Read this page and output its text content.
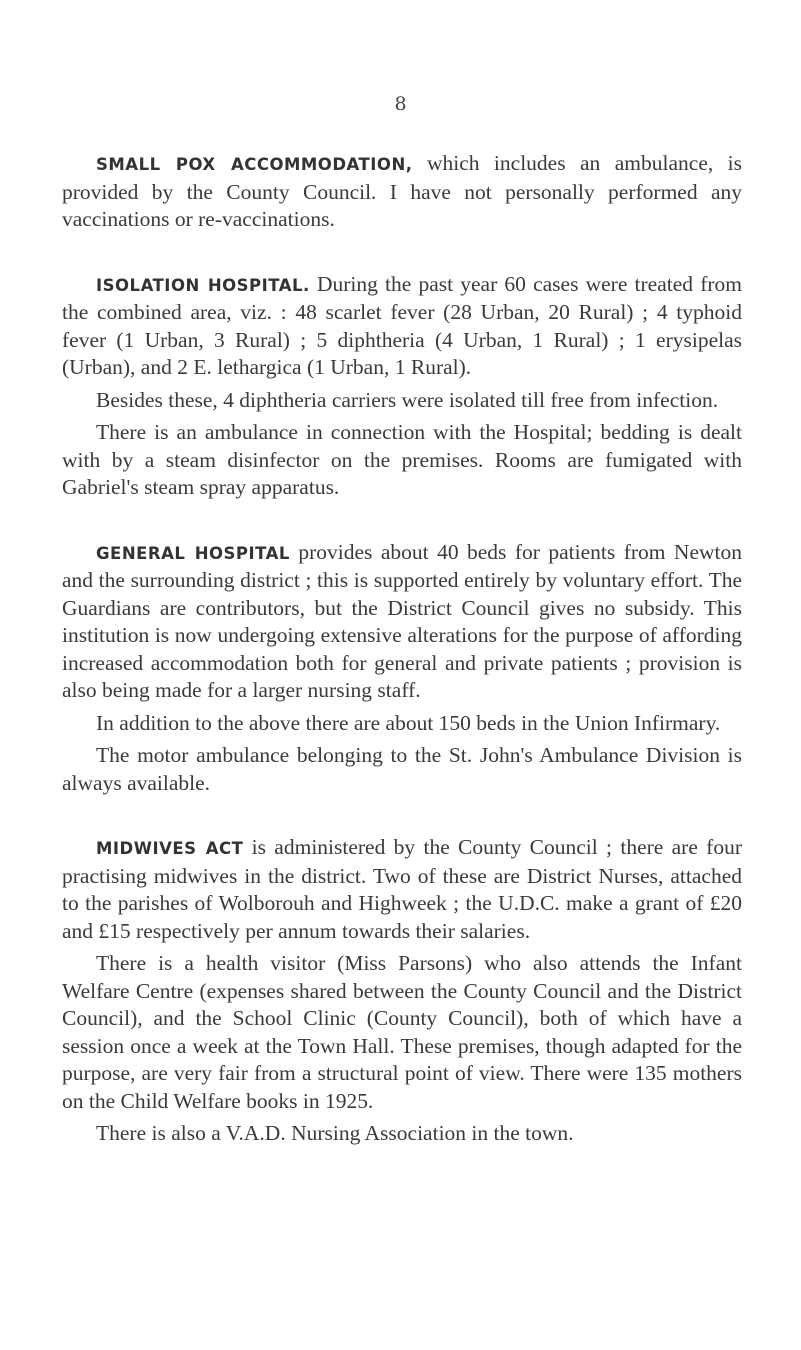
8

SMALL POX ACCOMMODATION, which includes an ambulance, is provided by the County Council. I have not personally performed any vaccinations or re-vaccinations.

ISOLATION HOSPITAL. During the past year 60 cases were treated from the combined area, viz. : 48 scarlet fever (28 Urban, 20 Rural) ; 4 typhoid fever (1 Urban, 3 Rural) ; 5 diphtheria (4 Urban, 1 Rural) ; 1 erysipelas (Urban), and 2 E. lethargica (1 Urban, 1 Rural).

Besides these, 4 diphtheria carriers were isolated till free from infection.

There is an ambulance in connection with the Hospital; bedding is dealt with by a steam disinfector on the premises. Rooms are fumigated with Gabriel's steam spray apparatus.

GENERAL HOSPITAL provides about 40 beds for patients from Newton and the surrounding district ; this is supported entirely by voluntary effort. The Guardians are contributors, but the District Council gives no subsidy. This institution is now undergoing extensive alterations for the purpose of affording increased accommodation both for general and private patients ; provision is also being made for a larger nursing staff.

In addition to the above there are about 150 beds in the Union Infirmary.

The motor ambulance belonging to the St. John's Ambulance Division is always available.

MIDWIVES ACT is administered by the County Council ; there are four practising midwives in the district. Two of these are District Nurses, attached to the parishes of Wolborouh and Highweek ; the U.D.C. make a grant of £20 and £15 respectively per annum towards their salaries.

There is a health visitor (Miss Parsons) who also attends the Infant Welfare Centre (expenses shared between the County Council and the District Council), and the School Clinic (County Council), both of which have a session once a week at the Town Hall. These premises, though adapted for the purpose, are very fair from a structural point of view. There were 135 mothers on the Child Welfare books in 1925.

There is also a V.A.D. Nursing Association in the town.
